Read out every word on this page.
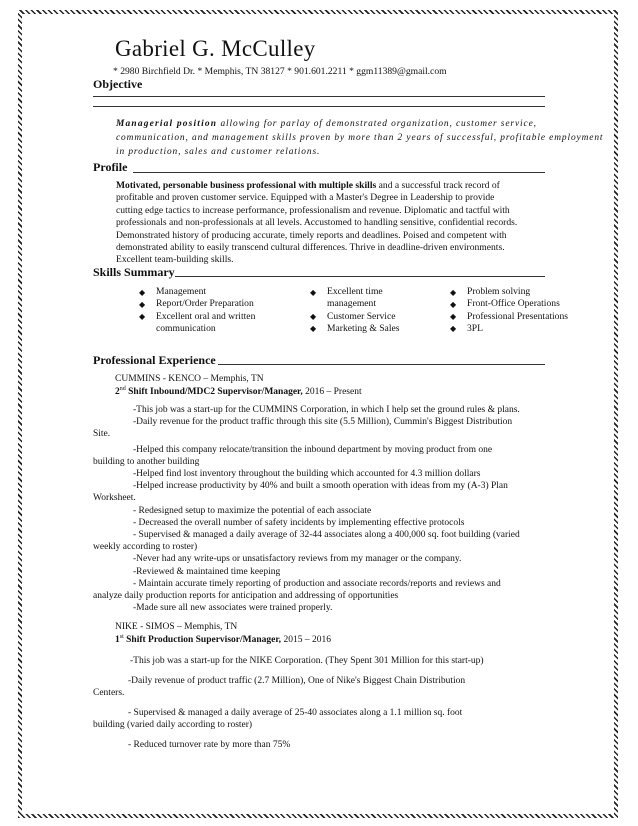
Gabriel G. McCulley
* 2980 Birchfield Dr. * Memphis, TN 38127 * 901.601.2211 * ggm11389@gmail.com
Objective
Managerial position allowing for parlay of demonstrated organization, customer service,
communication, and management skills proven by more than 2 years of successful, profitable employment
in production, sales and customer relations.
Profile
Motivated, personable business professional with multiple skills and a successful track record of
profitable and proven customer service. Equipped with a Master's Degree in Leadership to provide
cutting edge tactics to increase performance, professionalism and revenue. Diplomatic and tactful with
professionals and non-professionals at all levels. Accustomed to handling sensitive, confidential records.
Demonstrated history of producing accurate, timely reports and deadlines. Poised and competent with
demonstrated ability to easily transcend cultural differences. Thrive in deadline-driven environments.
Excellent team-building skills.
Skills Summary
◆
◆
◆
Management
Report/Order Preparation
Excellent oral and written
communication
◆
◆
◆
Excellent time
management
Customer Service
Marketing & Sales
◆
◆
◆
◆
Problem solving
Front-Office Operations
Professional Presentations
3PL
Professional Experience
CUMMINS - KENCO – Memphis, TN
2nd Shift Inbound/MDC2 Supervisor/Manager, 2016 – Present
-This job was a start-up for the CUMMINS Corporation, in which I help set the ground rules & plans.
-Daily revenue for the product traffic through this site (5.5 Million), Cummin's Biggest Distribution
Site.
-Helped this company relocate/transition the inbound department by moving product from one
building to another building
-Helped find lost inventory throughout the building which accounted for 4.3 million dollars
-Helped increase productivity by 40% and built a smooth operation with ideas from my (A-3) Plan
Worksheet.
- Redesigned setup to maximize the potential of each associate
- Decreased the overall number of safety incidents by implementing effective protocols
- Supervised & managed a daily average of 32-44 associates along a 400,000 sq. foot building (varied
weekly according to roster)
-Never had any write-ups or unsatisfactory reviews from my manager or the company.
-Reviewed & maintained time keeping
- Maintain accurate timely reporting of production and associate records/reports and reviews and
analyze daily production reports for anticipation and addressing of opportunities
-Made sure all new associates were trained properly.
NIKE - SIMOS – Memphis, TN
1st Shift Production Supervisor/Manager, 2015 – 2016
-This job was a start-up for the NIKE Corporation. (They Spent 301 Million for this start-up)
-Daily revenue of product traffic (2.7 Million), One of Nike's Biggest Chain Distribution
Centers.
- Supervised & managed a daily average of 25-40 associates along a 1.1 million sq. foot
building (varied daily according to roster)
- Reduced turnover rate by more than 75%
